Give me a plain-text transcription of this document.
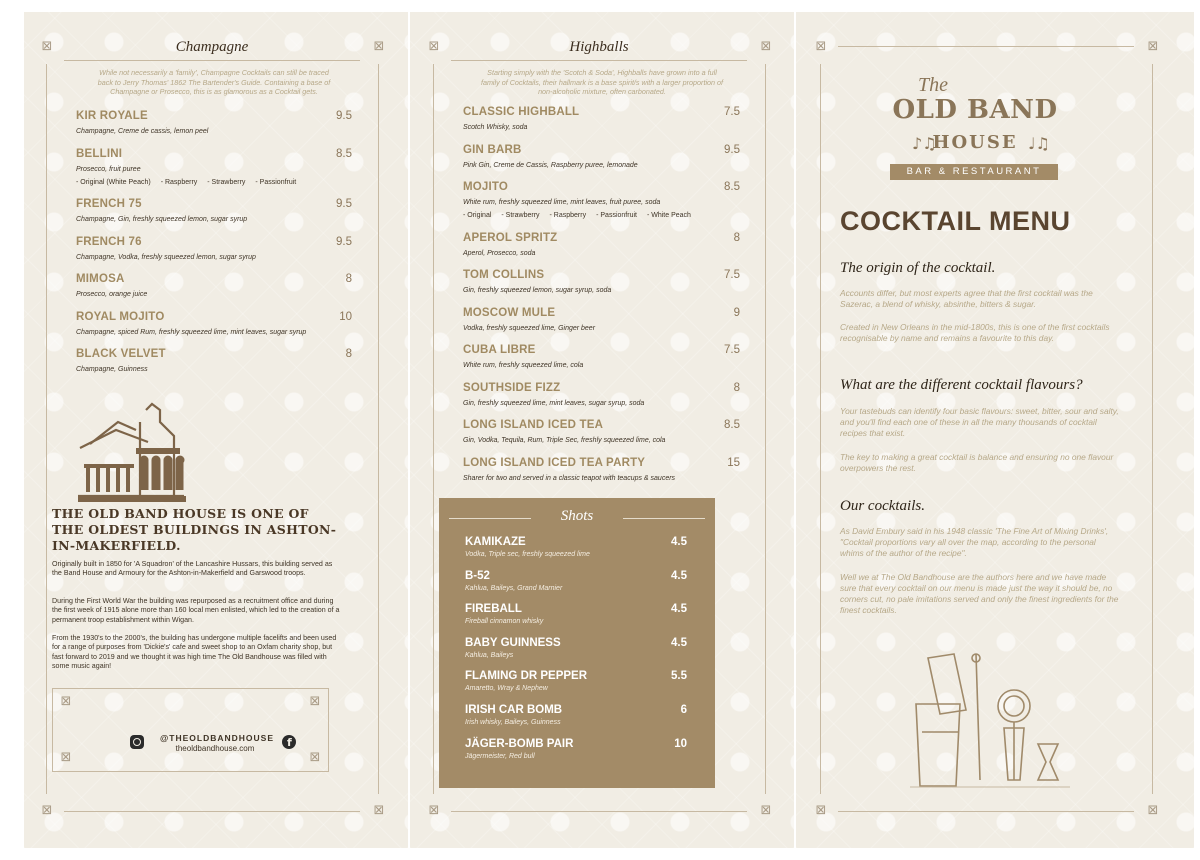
⊠	⊠	⊠	⊠	⊠	⊠
⊠	⊠	⊠	⊠	⊠	⊠
Champagne
While not necessarily a 'family', Champagne Cocktails can still be traced back to Jerry Thomas' 1862 The Bartender's Guide. Containing a base of Champagne or Prosecco, this is as glamorous as a Cocktail gets.
KIR ROYALE	9.5
Champagne, Creme de cassis, lemon peel
BELLINI	8.5
Prosecco, fruit puree
- Original (White Peach) - Raspberry - Strawberry - Passionfruit
FRENCH 75	9.5
Champagne, Gin, freshly squeezed lemon, sugar syrup
FRENCH 76	9.5
Champagne, Vodka, freshly squeezed lemon, sugar syrup
MIMOSA	8
Prosecco, orange juice
ROYAL MOJITO	10
Champagne, spiced Rum, freshly squeezed lime, mint leaves, sugar syrup
BLACK VELVET	8
Champagne, Guinness
THE OLD BAND HOUSE IS ONE OF THE OLDEST BUILDINGS IN ASHTON-IN-MAKERFIELD.
Originally built in 1850 for 'A Squadron' of the Lancashire Hussars, this building served as the Band House and Armoury for the Ashton-in-Makerfield and Garswood troops.
During the First World War the building was repurposed as a recruitment office and during the first week of 1915 alone more than 160 local men enlisted, which led to the creation of a permanent troop establishment within Wigan.
From the 1930's to the 2000's, the building has undergone multiple facelifts and been used for a range of purposes from 'Dickie's' cafe and sweet shop to an Oxfam charity shop, but fast forward to 2019 and we thought it was high time The Old Bandhouse was filled with some music again!
⊠	⊠
⊠	⊠
@THEOLDBANDHOUSE
theoldbandhouse.com	f
Highballs
Starting simply with the 'Scotch & Soda', Highballs have grown into a full family of Cocktails, their hallmark is a base spirit/s with a larger proportion of non-alcoholic mixture, often carbonated.
CLASSIC HIGHBALL	7.5
Scotch Whisky, soda
GIN BARB	9.5
Pink Gin, Creme de Cassis, Raspberry puree, lemonade
MOJITO	8.5
White rum, freshly squeezed lime, mint leaves, fruit puree, soda
- Original - Strawberry - Raspberry - Passionfruit - White Peach
APEROL SPRITZ	8
Aperol, Prosecco, soda
TOM COLLINS	7.5
Gin, freshly squeezed lemon, sugar syrup, soda
MOSCOW MULE	9
Vodka, freshly squeezed lime, Ginger beer
CUBA LIBRE	7.5
White rum, freshly squeezed lime, cola
SOUTHSIDE FIZZ	8
Gin, freshly squeezed lime, mint leaves, sugar syrup, soda
LONG ISLAND ICED TEA	8.5
Gin, Vodka, Tequila, Rum, Triple Sec, freshly squeezed lime, cola
LONG ISLAND ICED TEA PARTY	15
Sharer for two and served in a classic teapot with teacups & saucers
Shots
KAMIKAZE	4.5
Vodka, Triple sec, freshly squeezed lime
B-52	4.5
Kahlua, Baileys, Grand Marnier
FIREBALL	4.5
Fireball cinnamon whisky
BABY GUINNESS	4.5
Kahlua, Baileys
FLAMING DR PEPPER	5.5
Amaretto, Wray & Nephew
IRISH CAR BOMB	6
Irish whisky, Baileys, Guinness
JÄGER-BOMB PAIR	10
Jägermeister, Red bull
The
OLD BAND
♪♫
HOUSE ♩♫
BAR & RESTAURANT
COCKTAIL MENU
The origin of the cocktail.
Accounts differ, but most experts agree that the first cocktail was the Sazerac, a blend of whisky, absinthe, bitters & sugar.
Created in New Orleans in the mid-1800s, this is one of the first cocktails recognisable by name and remains a favourite to this day.
What are the different cocktail flavours?
Your tastebuds can identify four basic flavours: sweet, bitter, sour and salty, and you'll find each one of these in all the many thousands of cocktail recipes that exist.
The key to making a great cocktail is balance and ensuring no one flavour overpowers the rest.
Our cocktails.
As David Embury said in his 1948 classic 'The Fine Art of Mixing Drinks', "Cocktail proportions vary all over the map, according to the personal whims of the author of the recipe".
Well we at The Old Bandhouse are the authors here and we have made sure that every cocktail on our menu is made just the way it should be, no corners cut, no pale imitations served and only the finest ingredients for the finest cocktails.
